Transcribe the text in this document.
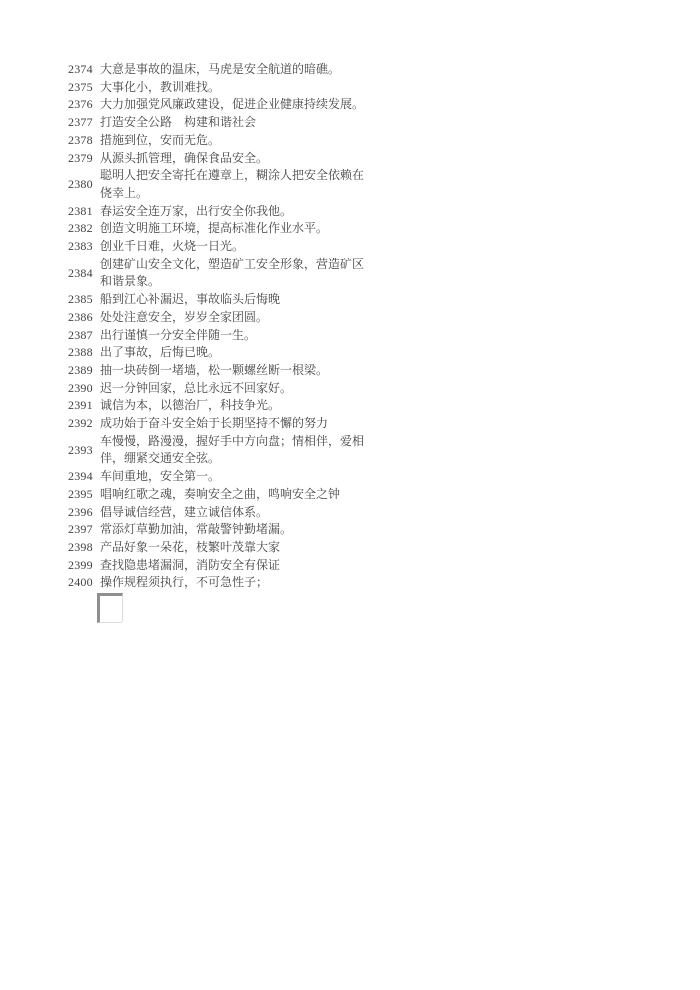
2374 大意是事故的温床，马虎是安全航道的暗礁。
2375 大事化小，教训难找。
2376 大力加强党风廉政建设，促进企业健康持续发展。
2377 打造安全公路　构建和谐社会
2378 措施到位，安而无危。
2379 从源头抓管理，确保食品安全。
2380
聪明人把安全寄托在遵章上，糊涂人把安全依赖在侥幸上。
2381 春运安全连万家，出行安全你我他。
2382 创造文明施工环境，提高标准化作业水平。
2383 创业千日难，火烧一日光。
2384
创建矿山安全文化，塑造矿工安全形象，营造矿区和谐景象。
2385 船到江心补漏迟，事故临头后悔晚
2386 处处注意安全，岁岁全家团圆。
2387 出行谨慎一分安全伴随一生。
2388 出了事故，后悔已晚。
2389 抽一块砖倒一堵墙，松一颗螺丝断一根梁。
2390 迟一分钟回家，总比永远不回家好。
2391 诚信为本，以德治厂，科技争光。
2392 成功始于奋斗安全始于长期坚持不懈的努力
2393
车慢慢，路漫漫，握好手中方向盘；情相伴，爱相伴，绷紧交通安全弦。
2394 车间重地，安全第一。
2395 唱响红歌之魂，奏响安全之曲，鸣响安全之钟
2396 倡导诚信经营，建立诚信体系。
2397 常添灯草勤加油，常敲警钟勤堵漏。
2398 产品好象一朵花，枝繁叶茂靠大家
2399 查找隐患堵漏洞，消防安全有保证
2400 操作规程须执行，不可急性子；
